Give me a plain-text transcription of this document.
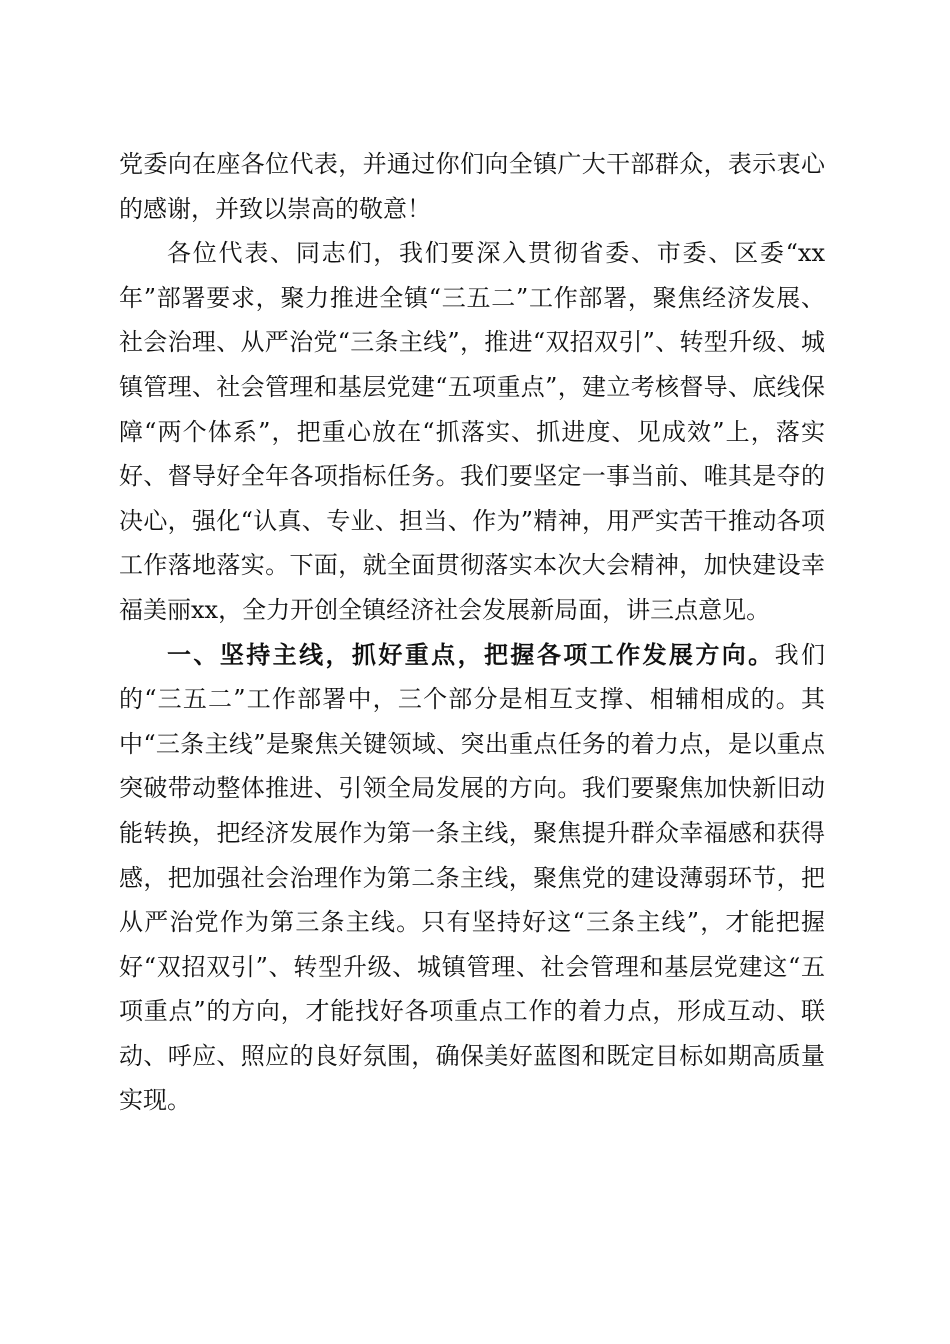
党委向在座各位代表，并通过你们向全镇广大干部群众，表示衷心的感谢，并致以崇高的敬意！

各位代表、同志们，我们要深入贯彻省委、市委、区委“xx年”部署要求，聚力推进全镇“三五二”工作部署，聚焦经济发展、社会治理、从严治党“三条主线”，推进“双招双引”、转型升级、城镇管理、社会管理和基层党建“五项重点”，建立考核督导、底线保障“两个体系”，把重心放在“抓落实、抓进度、见成效”上，落实好、督导好全年各项指标任务。我们要坚定一事当前、唯其是夺的决心，强化“认真、专业、担当、作为”精神，用严实苦干推动各项工作落地落实。下面，就全面贯彻落实本次大会精神，加快建设幸福美丽xx，全力开创全镇经济社会发展新局面，讲三点意见。

一、坚持主线，抓好重点，把握各项工作发展方向。我们的“三五二”工作部署中，三个部分是相互支撑、相辅相成的。其中“三条主线”是聚焦关键领域、突出重点任务的着力点，是以重点突破带动整体推进、引领全局发展的方向。我们要聚焦加快新旧动能转换，把经济发展作为第一条主线，聚焦提升群众幸福感和获得感，把加强社会治理作为第二条主线，聚焦党的建设薄弱环节，把从严治党作为第三条主线。只有坚持好这“三条主线”，才能把握好“双招双引”、转型升级、城镇管理、社会管理和基层党建这“五项重点”的方向，才能找好各项重点工作的着力点，形成互动、联动、呼应、照应的良好氛围，确保美好蓝图和既定目标如期高质量实现。
